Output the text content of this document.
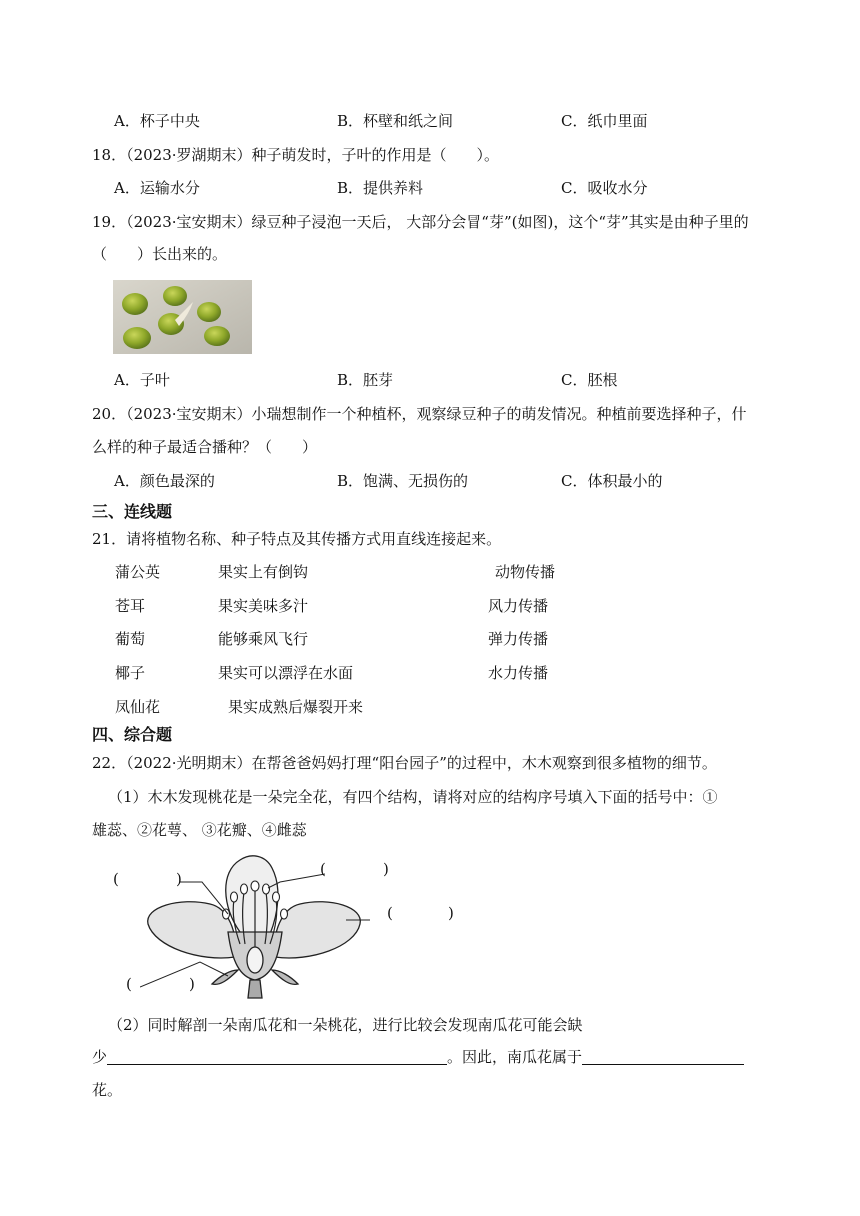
A．杯子中央	B．杯壁和纸之间	C．纸巾里面
18．（2023·罗湖期末）种子萌发时，子叶的作用是（　　）。
A．运输水分	B．提供养料	C．吸收水分
19．（2023·宝安期末）绿豆种子浸泡一天后， 大部分会冒“芽”(如图)，这个“芽”其实是由种子里的
（　　）长出来的。
A．子叶	B．胚芽	C．胚根
20．（2023·宝安期末）小瑞想制作一个种植杯，观察绿豆种子的萌发情况。种植前要选择种子，什
么样的种子最适合播种？（　　）
A．颜色最深的	B．饱满、无损伤的	C．体积最小的
三、连线题
21．请将植物名称、种子特点及其传播方式用直线连接起来。
蒲公英
苍耳
葡萄
椰子
凤仙花
果实上有倒钩
果实美味多汁
能够乘风飞行
果实可以漂浮在水面
果实成熟后爆裂开来
动物传播
风力传播
弹力传播
水力传播
四、综合题
22．（2022·光明期末）在帮爸爸妈妈打理“阳台园子”的过程中，木木观察到很多植物的细节。
（1）木木发现桃花是一朵完全花，有四个结构，请将对应的结构序号填入下面的括号中：①
雄蕊、②花萼、 ③花瓣、④雌蕊
(	)
(	)
(	)
(	)
（2）同时解剖一朵南瓜花和一朵桃花，进行比较会发现南瓜花可能会缺
少	。因此，南瓜花属于
花。
